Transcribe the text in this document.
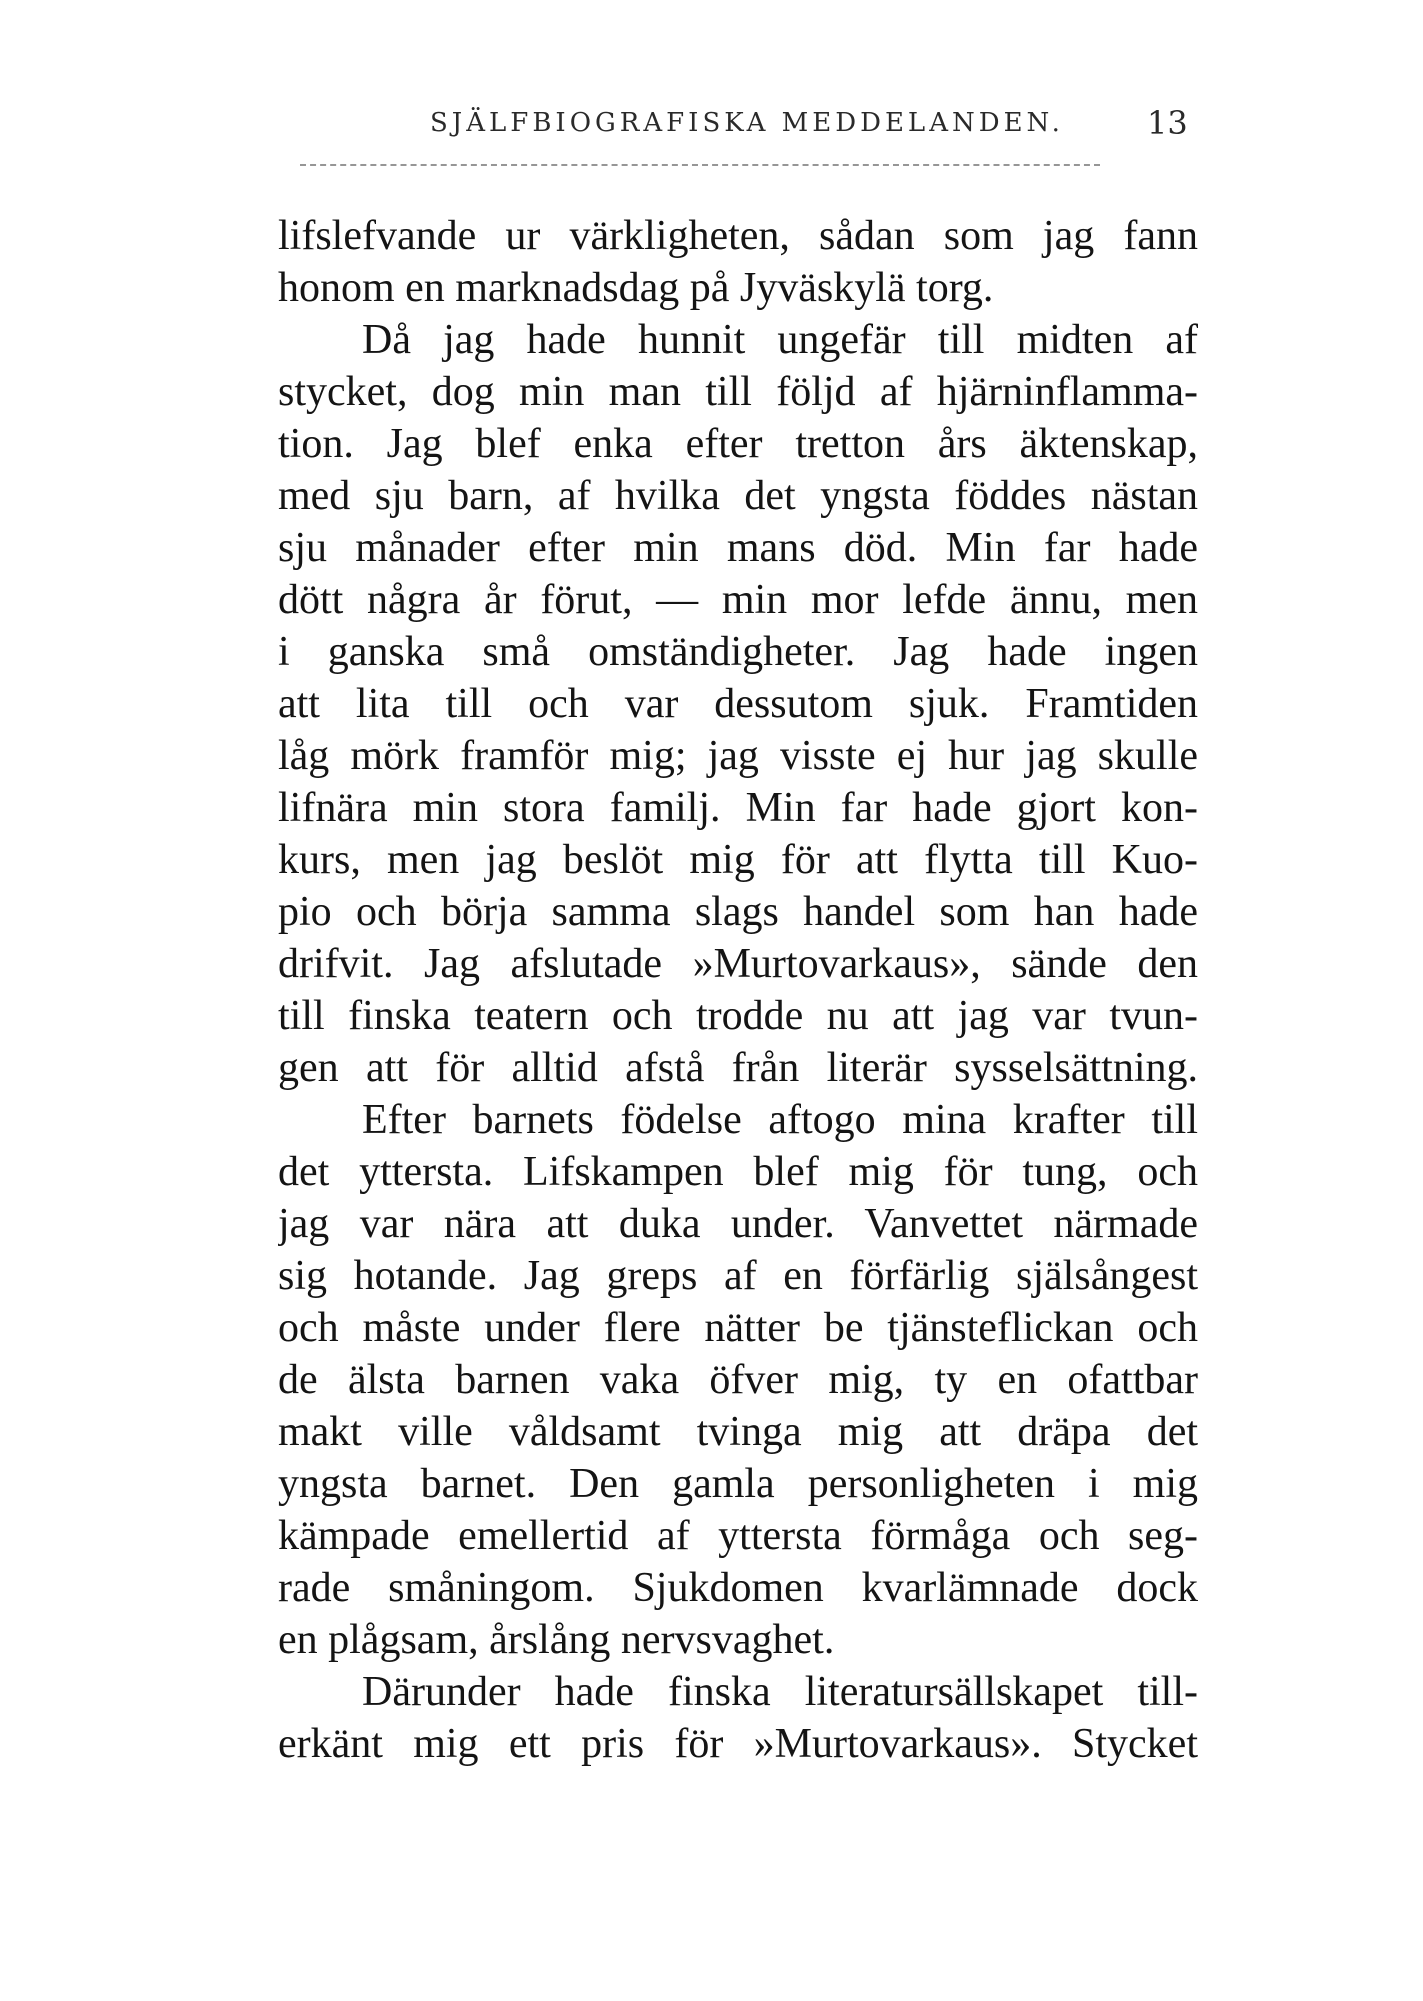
SJÄLFBIOGRAFISKA MEDDELANDEN.	13
lifslefvande ur värkligheten, sådan som jag fann
honom en marknadsdag på Jyväskylä torg.
Då jag hade hunnit ungefär till midten af
stycket, dog min man till följd af hjärninflamma-
tion. Jag blef enka efter tretton års äktenskap,
med sju barn, af hvilka det yngsta föddes nästan
sju månader efter min mans död. Min far hade
dött några år förut, — min mor lefde ännu, men
i ganska små omständigheter. Jag hade ingen
att lita till och var dessutom sjuk. Framtiden
låg mörk framför mig; jag visste ej hur jag skulle
lifnära min stora familj. Min far hade gjort kon-
kurs, men jag beslöt mig för att flytta till Kuo-
pio och börja samma slags handel som han hade
drifvit. Jag afslutade »Murtovarkaus», sände den
till finska teatern och trodde nu att jag var tvun-
gen att för alltid afstå från literär sysselsättning.
Efter barnets födelse aftogo mina krafter till
det yttersta. Lifskampen blef mig för tung, och
jag var nära att duka under. Vanvettet närmade
sig hotande. Jag greps af en förfärlig själsångest
och måste under flere nätter be tjänsteflickan och
de älsta barnen vaka öfver mig, ty en ofattbar
makt ville våldsamt tvinga mig att dräpa det
yngsta barnet. Den gamla personligheten i mig
kämpade emellertid af yttersta förmåga och seg-
rade småningom. Sjukdomen kvarlämnade dock
en plågsam, årslång nervsvaghet.
Därunder hade finska literatursällskapet till-
erkänt mig ett pris för »Murtovarkaus». Stycket
